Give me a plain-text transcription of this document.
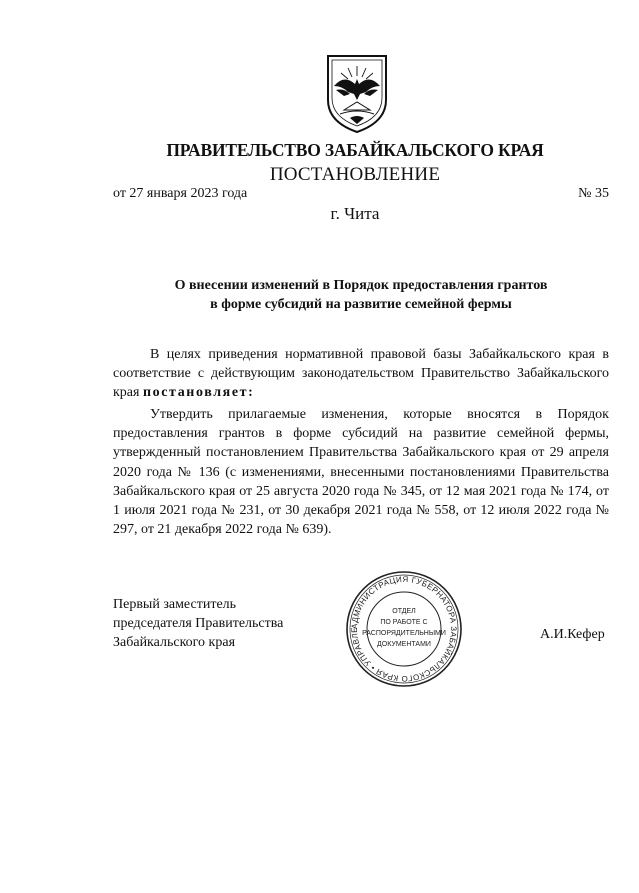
ПРАВИТЕЛЬСТВО ЗАБАЙКАЛЬСКОГО КРАЯ
ПОСТАНОВЛЕНИЕ
от 27 января 2023 года	№ 35
г. Чита
О внесении изменений в Порядок предоставления грантов
в форме субсидий на развитие семейной фермы
В целях приведения нормативной правовой базы Забайкальского края в соответствие с действующим законодательством Правительство Забайкальского края постановляет:
Утвердить прилагаемые изменения, которые вносятся в Порядок предоставления грантов в форме субсидий на развитие семейной фермы, утвержденный постановлением Правительства Забайкальского края от 29 апреля 2020 года № 136 (с изменениями, внесенными постановлениями Правительства Забайкальского края от 25 августа 2020 года № 345, от 12 мая 2021 года № 174, от 1 июля 2021 года № 231, от 30 декабря 2021 года № 558, от 12 июля 2022 года № 297, от 21 декабря 2022 года № 639).
Первый заместитель
председателя Правительства
Забайкальского края
А.И.Кефер
АДМИНИСТРАЦИЯ ГУБЕРНАТОРА ЗАБАЙКАЛЬСКОГО КРАЯ • УПРАВЛЕ
ОТДЕЛ
ПО РАБОТЕ С
РАСПОРЯДИТЕЛЬНЫМИ
ДОКУМЕНТАМИ
